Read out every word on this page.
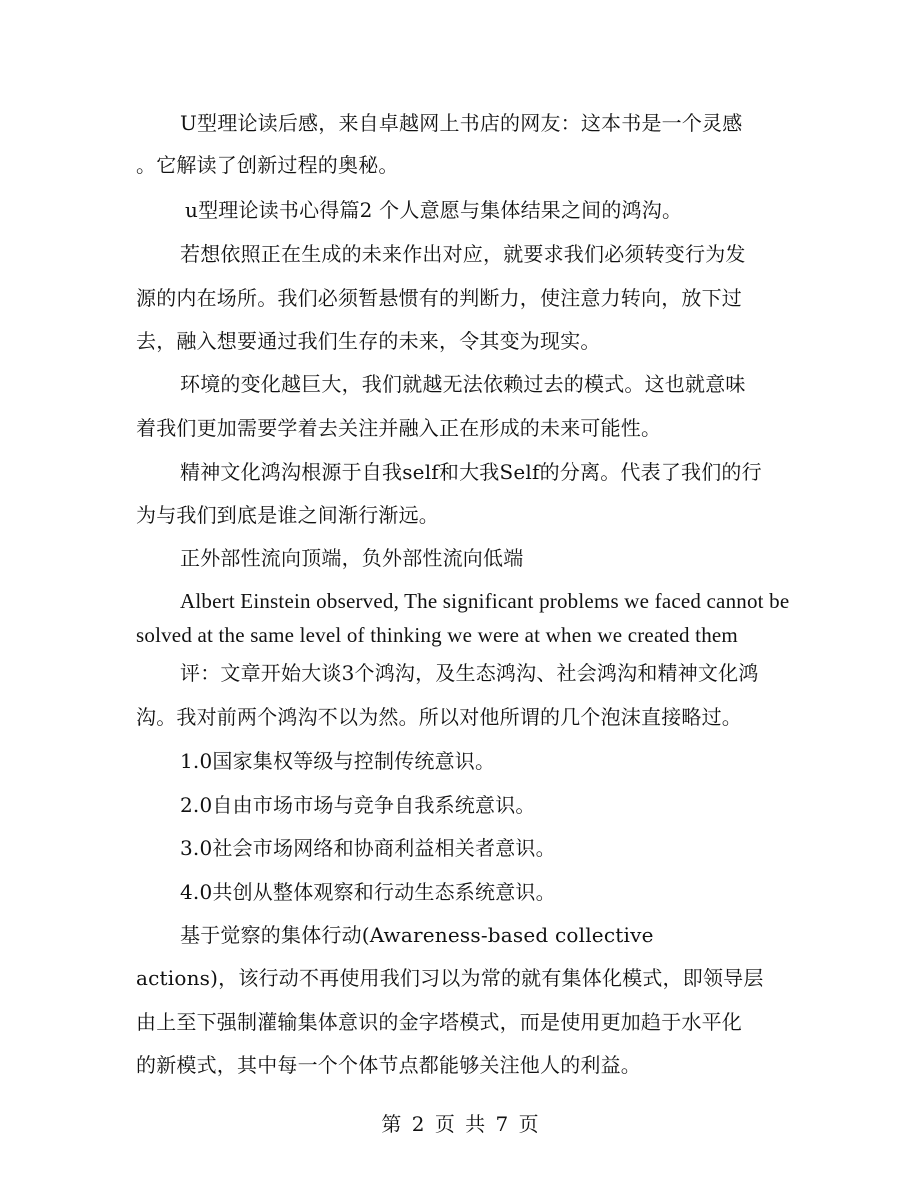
U型理论读后感，来自卓越网上书店的网友：这本书是一个灵感
。它解读了创新过程的奥秘。
u型理论读书心得篇2 个人意愿与集体结果之间的鸿沟。
若想依照正在生成的未来作出对应，就要求我们必须转变行为发
源的内在场所。我们必须暂悬惯有的判断力，使注意力转向，放下过
去，融入想要通过我们生存的未来，令其变为现实。
环境的变化越巨大，我们就越无法依赖过去的模式。这也就意味
着我们更加需要学着去关注并融入正在形成的未来可能性。
精神文化鸿沟根源于自我self和大我Self的分离。代表了我们的行
为与我们到底是谁之间渐行渐远。
正外部性流向顶端，负外部性流向低端
Albert Einstein observed, The significant problems we faced cannot be
solved at the same level of thinking we were at when we created them
评：文章开始大谈3个鸿沟，及生态鸿沟、社会鸿沟和精神文化鸿
沟。我对前两个鸿沟不以为然。所以对他所谓的几个泡沫直接略过。
1.0国家集权等级与控制传统意识。
2.0自由市场市场与竞争自我系统意识。
3.0社会市场网络和协商利益相关者意识。
4.0共创从整体观察和行动生态系统意识。
基于觉察的集体行动(Awareness-based collective
actions)，该行动不再使用我们习以为常的就有集体化模式，即领导层
由上至下强制灌输集体意识的金字塔模式，而是使用更加趋于水平化
的新模式，其中每一个个体节点都能够关注他人的利益。
第 2 页 共 7 页
